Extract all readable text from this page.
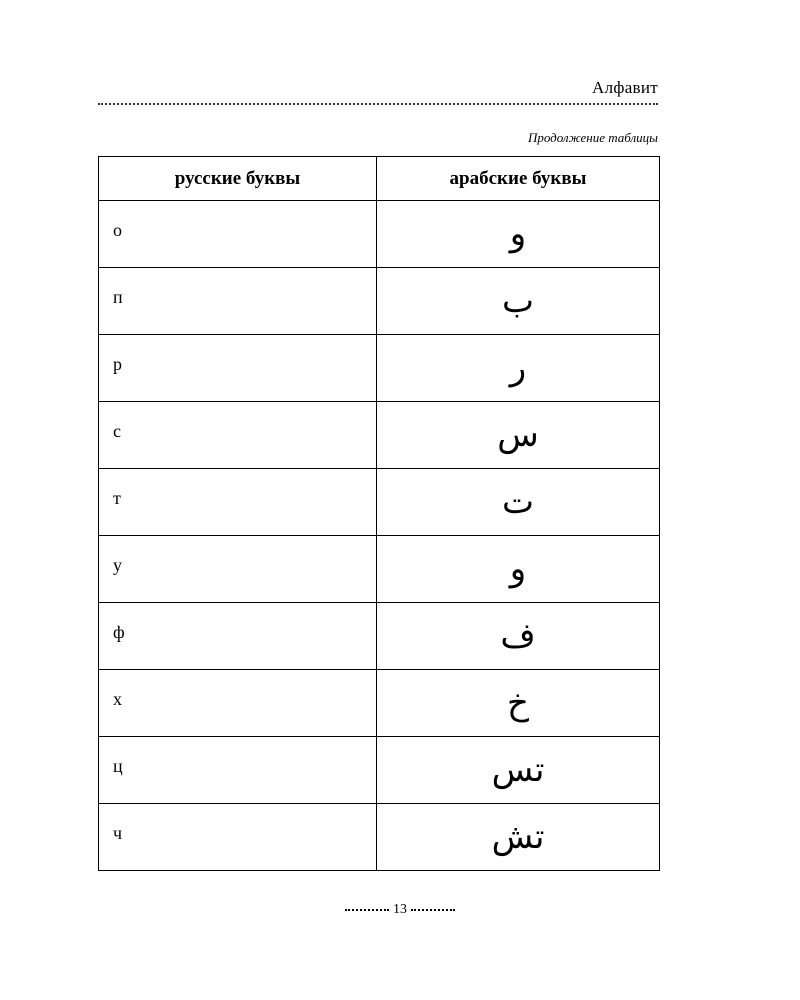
Алфавит
Продолжение таблицы
русские буквы	арабские буквы
о	و
п	ب
р	ر
с	س
т	ت
у	و
ф	ف
х	خ
ц	تس
ч	تش
13
